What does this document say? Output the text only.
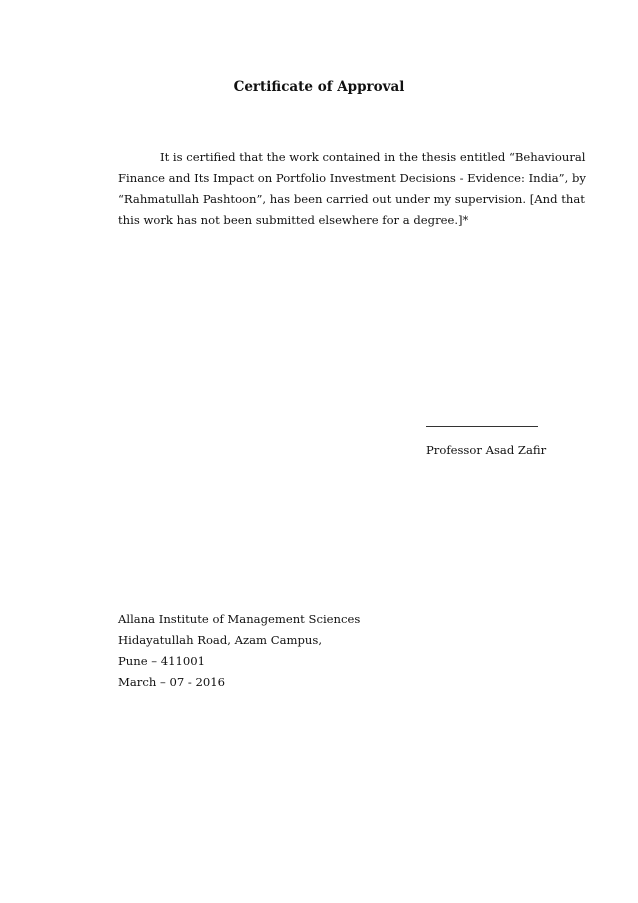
Certificate of Approval
It is certified that the work contained in the thesis entitled “Behavioural
Finance and Its Impact on Portfolio Investment Decisions - Evidence: India”, by
“Rahmatullah Pashtoon”, has been carried out under my supervision. [And that
this work has not been submitted elsewhere for a degree.]*
Professor Asad Zafir
Allana Institute of Management Sciences
Hidayatullah Road, Azam Campus,
Pune – 411001
March – 07 - 2016
